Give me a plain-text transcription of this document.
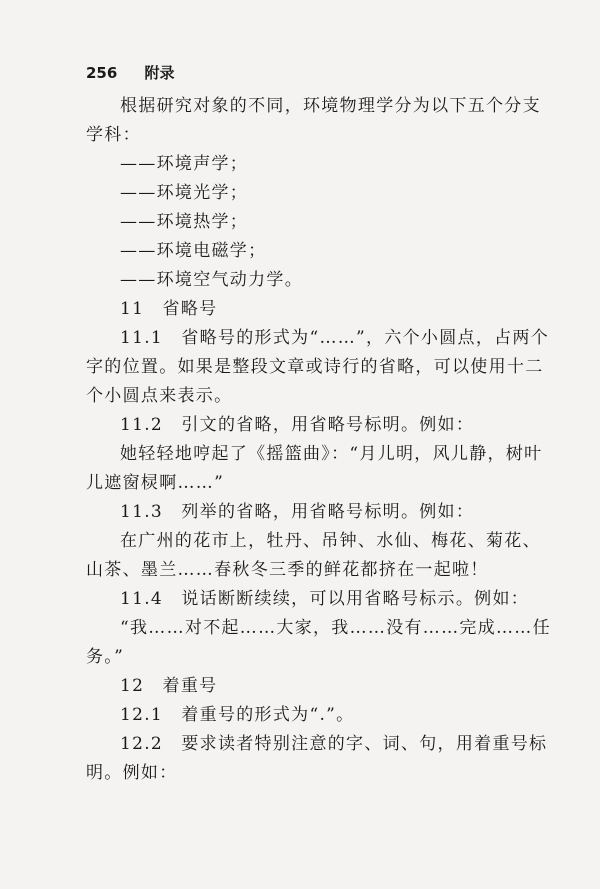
256 附录

根据研究对象的不同，环境物理学分为以下五个分支学科：

——环境声学；

——环境光学；

——环境热学；

——环境电磁学；

——环境空气动力学。

11　省略号

11.1　省略号的形式为“……”，六个小圆点，占两个字的位置。如果是整段文章或诗行的省略，可以使用十二个小圆点来表示。

11.2　引文的省略，用省略号标明。例如：

她轻轻地哼起了《摇篮曲》：“月儿明，风儿静，树叶儿遮窗棂啊……”

11.3　列举的省略，用省略号标明。例如：

在广州的花市上，牡丹、吊钟、水仙、梅花、菊花、山茶、墨兰……春秋冬三季的鲜花都挤在一起啦！

11.4　说话断断续续，可以用省略号标示。例如：

“我……对不起……大家，我……没有……完成……任务。”

12　着重号

12.1　着重号的形式为“.”。

12.2　要求读者特别注意的字、词、句，用着重号标明。例如：
